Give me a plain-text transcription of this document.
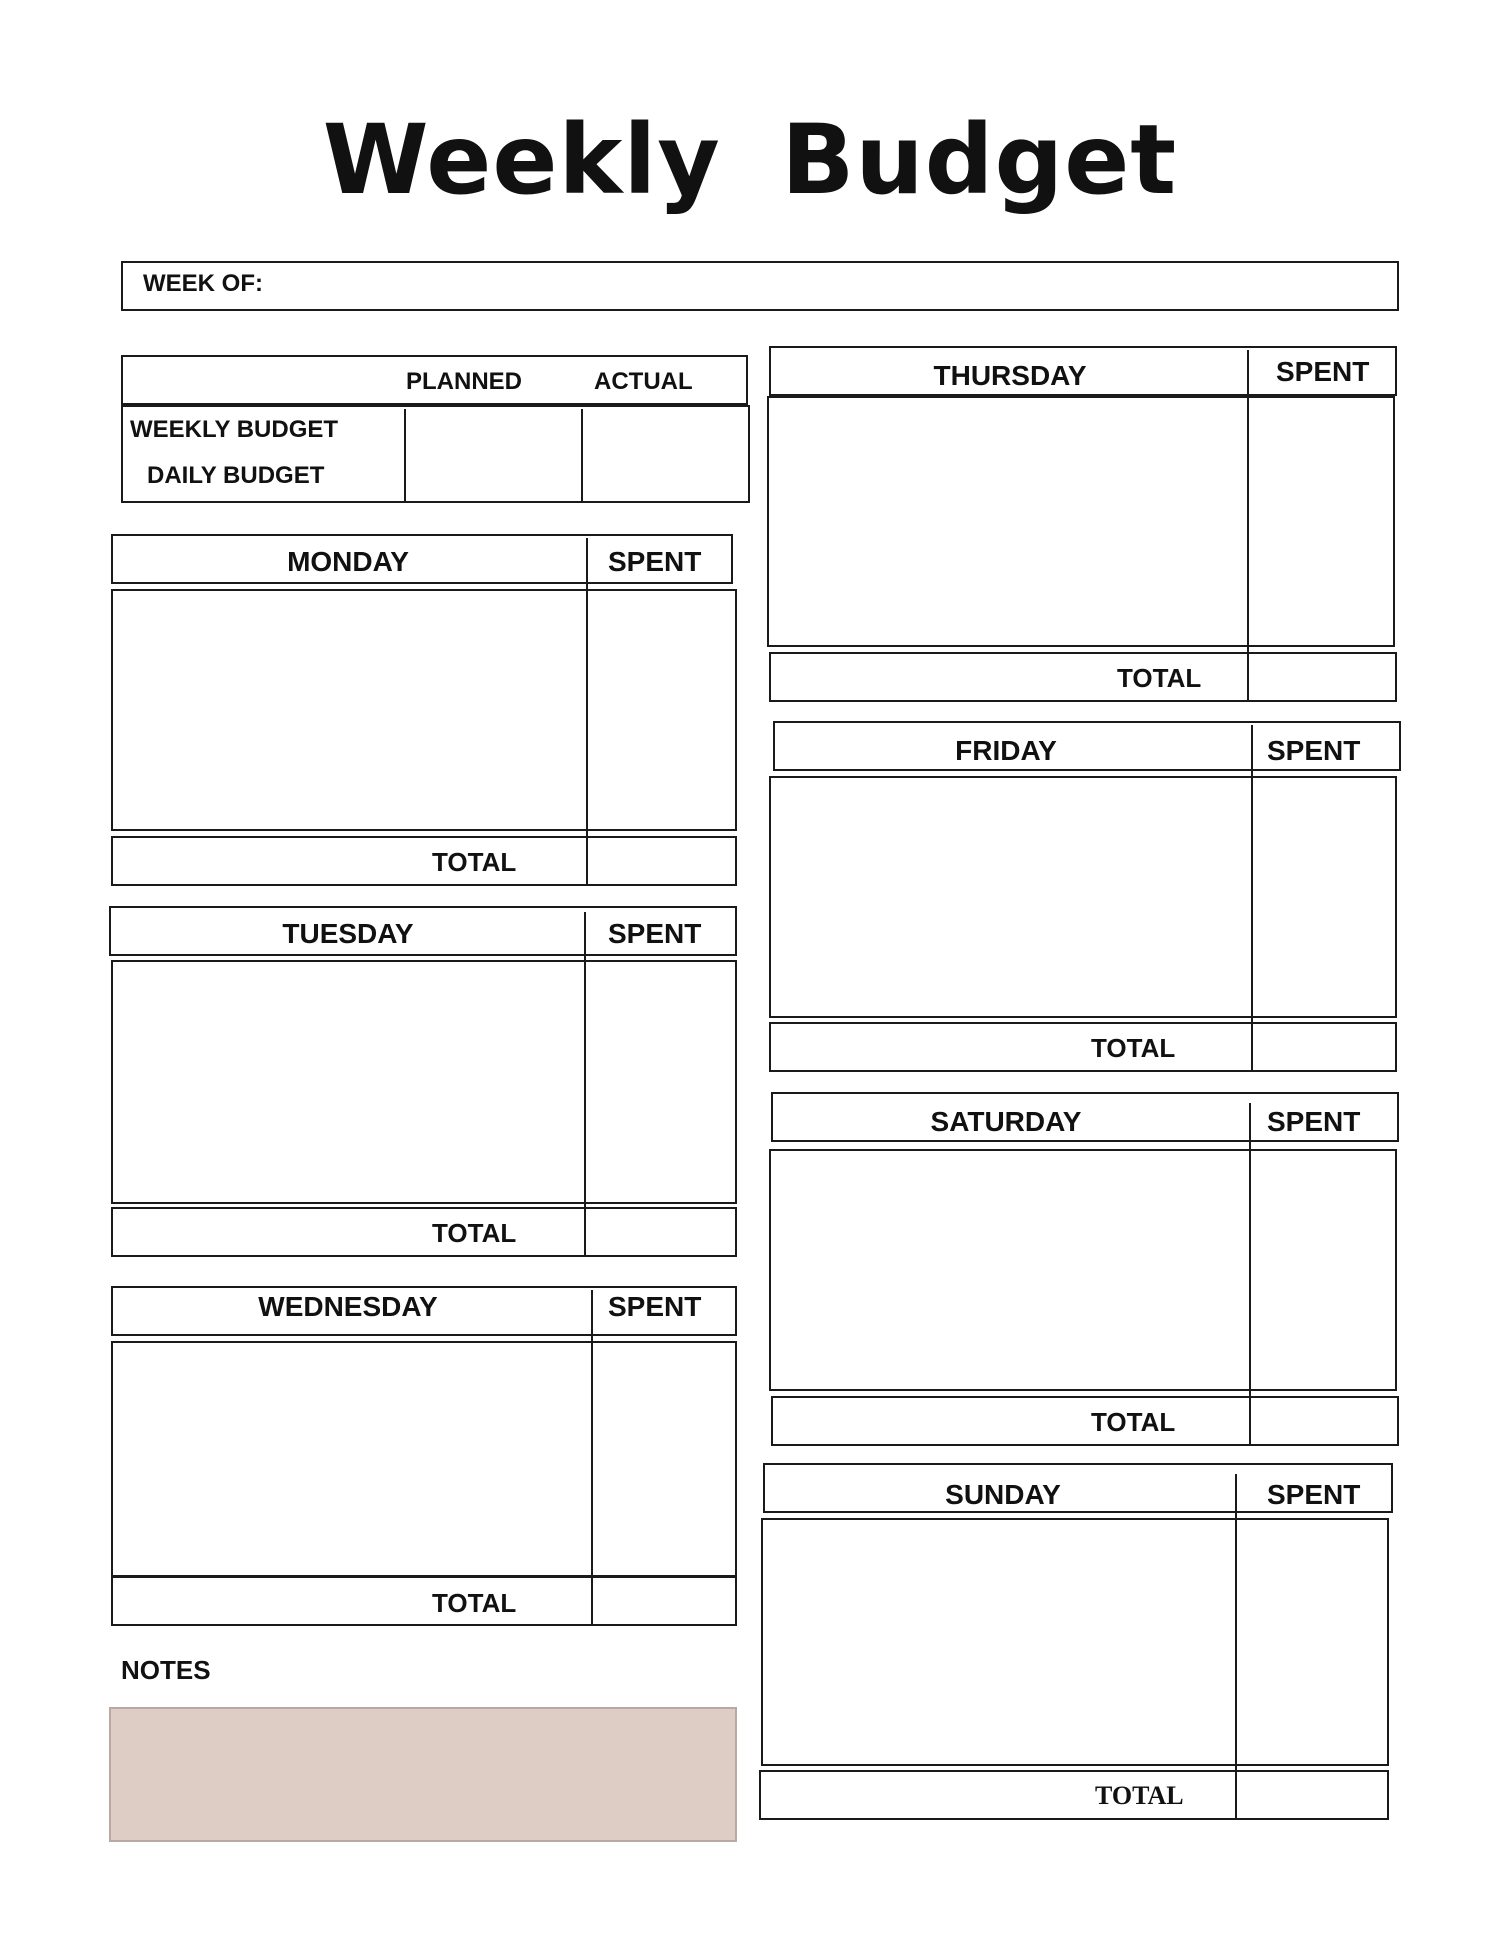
Weekly Budget
WEEK OF:
PLANNED	ACTUAL
WEEKLY BUDGET
DAILY BUDGET
MONDAY	SPENT
TOTAL
TUESDAY	SPENT
TOTAL
WEDNESDAY	SPENT
TOTAL
NOTES
THURSDAY	SPENT
TOTAL
FRIDAY	SPENT
TOTAL
SATURDAY	SPENT
TOTAL
SUNDAY	SPENT
TOTAL
